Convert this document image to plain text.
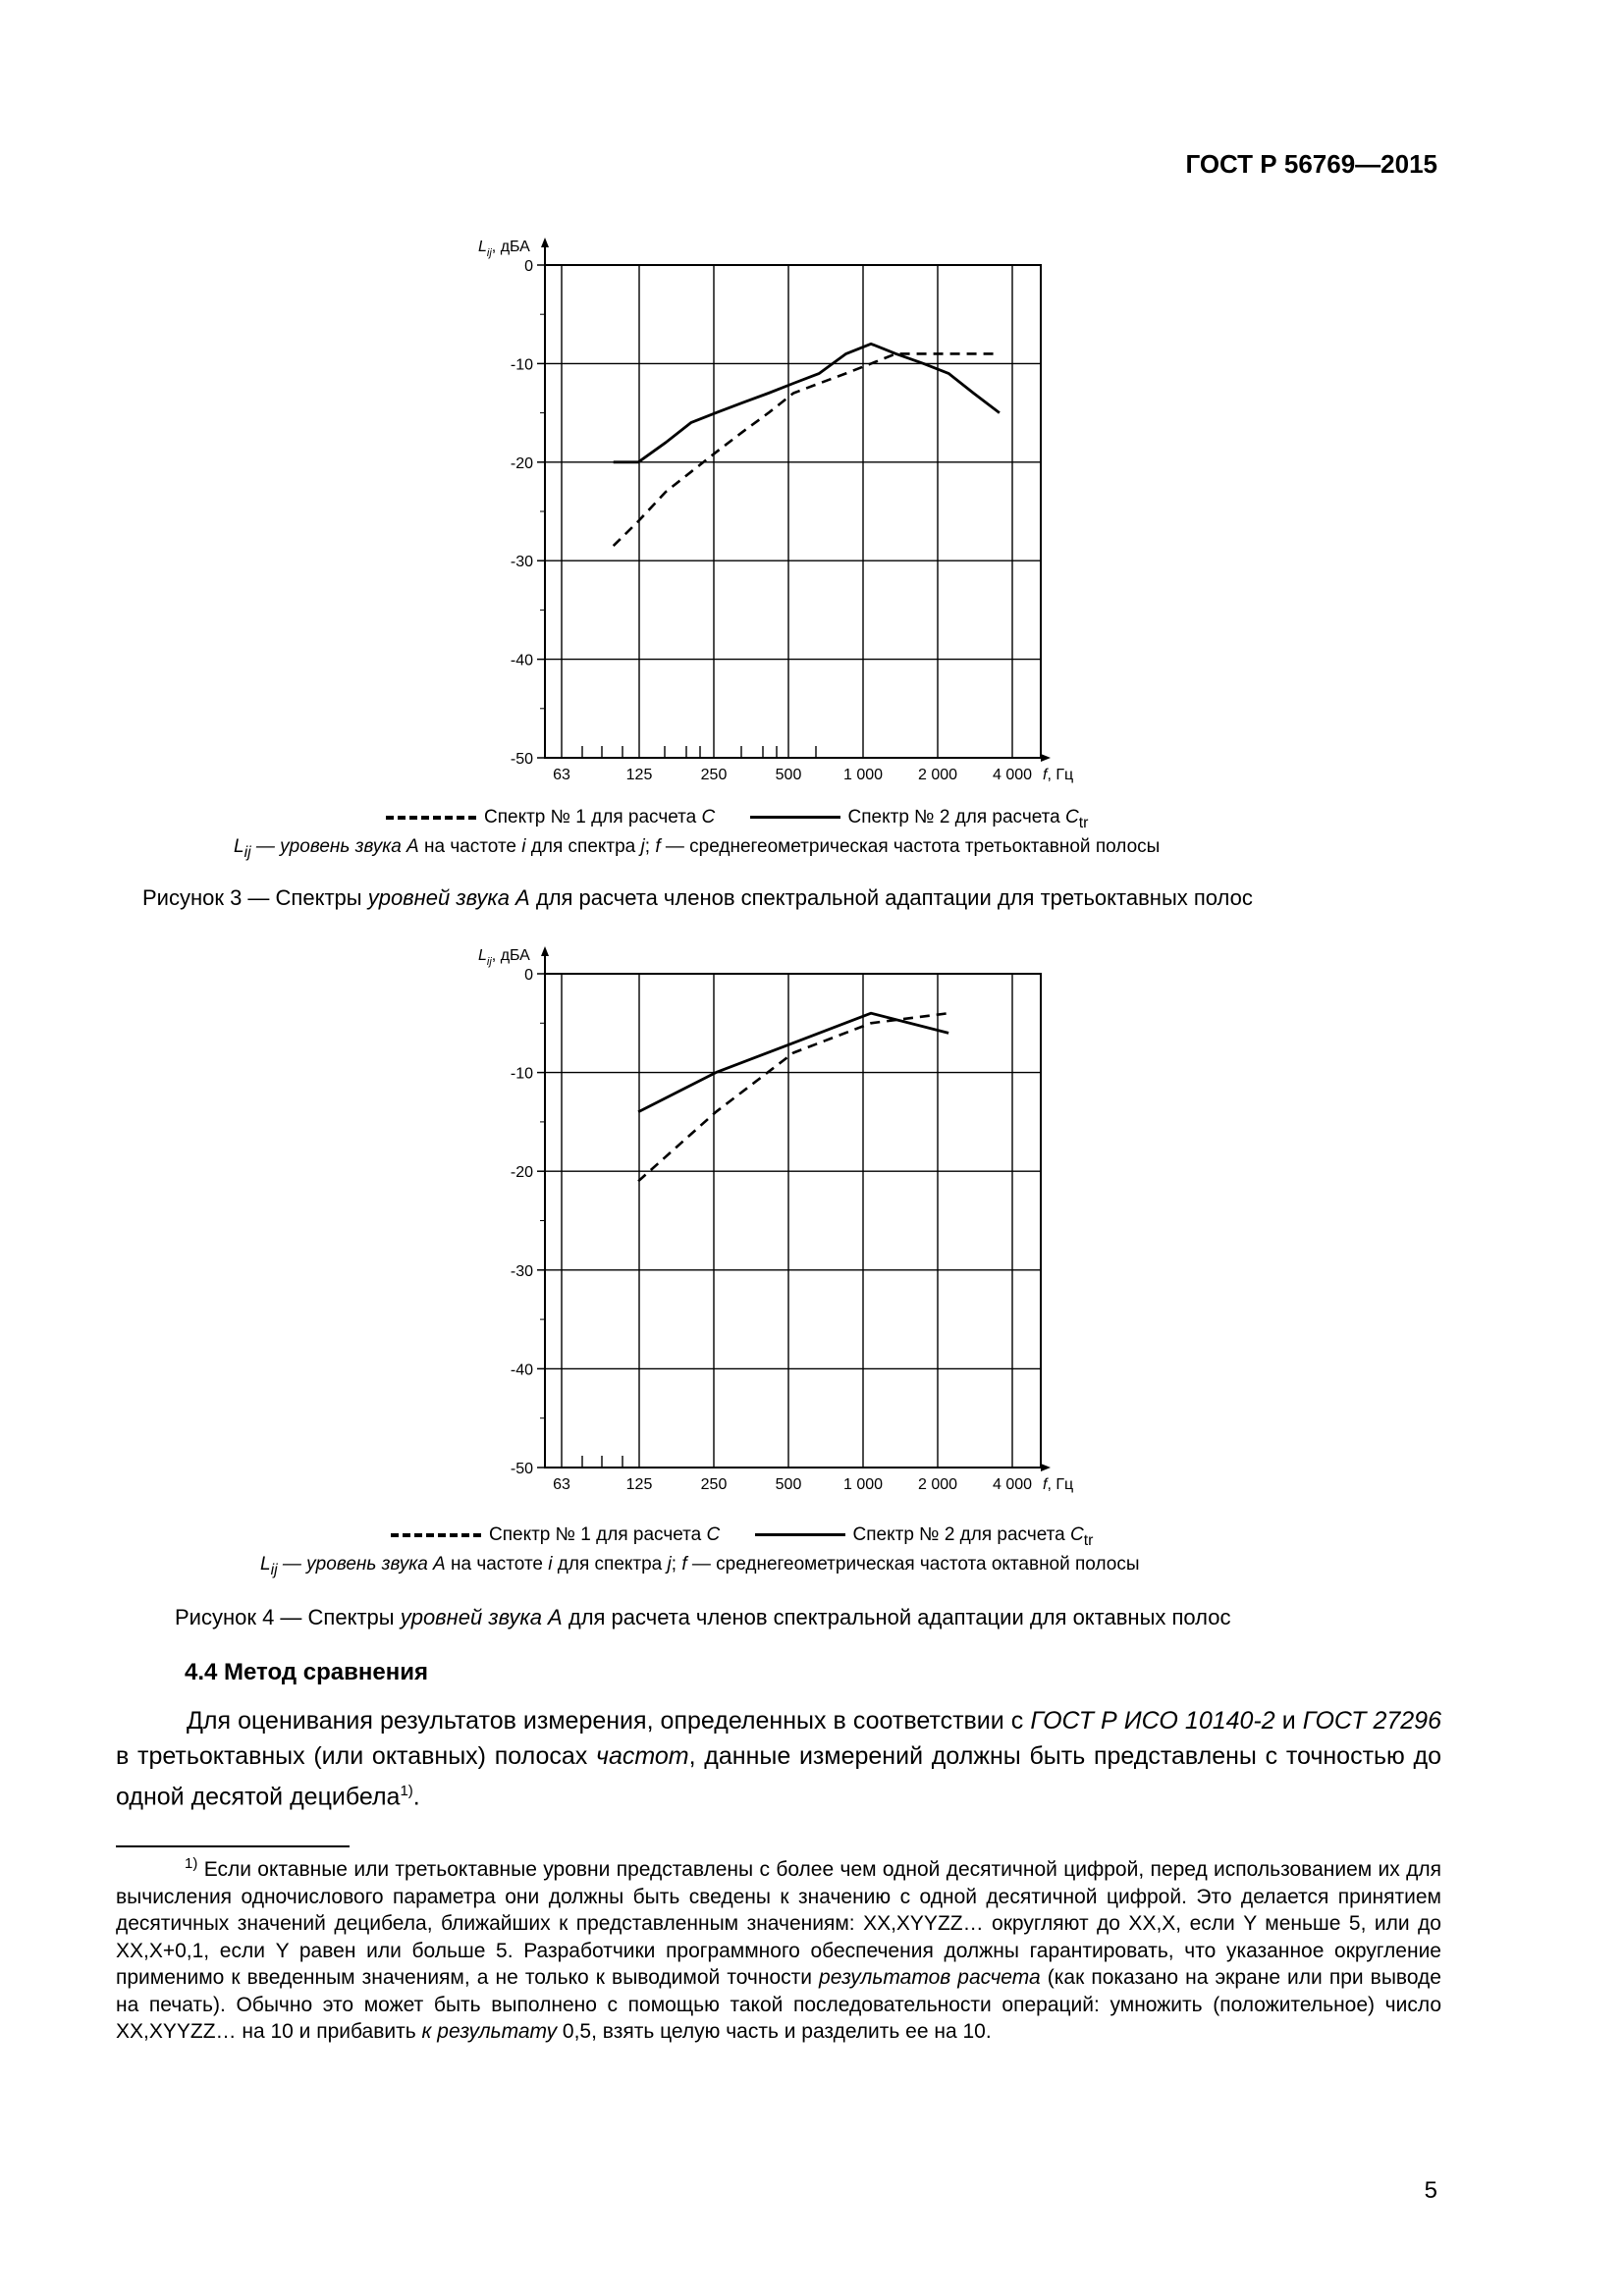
ГОСТ Р 56769—2015
0
-10
-20
-30
-40
-50
63	125	250	500	1 000 2 000 4 000
$L_{ij}$, дБА
f, Гц
Спектр № 1 для расчета C	Спектр № 2 для расчета $C_{tr}$
$L_{ij}$ — уровень звука А на частоте i для спектра j; f — среднегеометрическая частота третьоктавной полосы
Рисунок 3 — Спектры уровней звука А для расчета членов спектральной адаптации для третьоктавных полос
0
-10
-20
-30
-40
-50
63	125	250	500	1 000 2 000 4 000
$L_{ij}$, дБА
f, Гц
Спектр № 1 для расчета C	Спектр № 2 для расчета $C_{tr}$
$L_{ij}$ — уровень звука А на частоте i для спектра j; f — среднегеометрическая частота октавной полосы
Рисунок 4 — Спектры уровней звука А для расчета членов спектральной адаптации для октавных полос
4.4 Метод сравнения
Для оценивания результатов измерения, определенных в соответствии с ГОСТ Р ИСО 10140-2 и ГОСТ 27296 в третьоктавных (или октавных) полосах частот, данные измерений должны быть представлены с точностью до одной десятой децибела$^{1)}$.
$^{1)}$ Если октавные или третьоктавные уровни представлены с более чем одной десятичной цифрой, перед использованием их для вычисления одночислового параметра они должны быть сведены к значению с одной десятичной цифрой. Это делается принятием десятичных значений децибела, ближайших к представленным значениям: XX,XYYZZ… округляют до XX,X, если Y меньше 5, или до XX,X+0,1, если Y равен или больше 5. Разработчики программного обеспечения должны гарантировать, что указанное округление применимо к введенным значениям, а не только к выводимой точности результатов расчета (как показано на экране или при выводе на печать). Обычно это может быть выполнено с помощью такой последовательности операций: умножить (положительное) число XX,XYYZZ… на 10 и прибавить к результату 0,5, взять целую часть и разделить ее на 10.
5
